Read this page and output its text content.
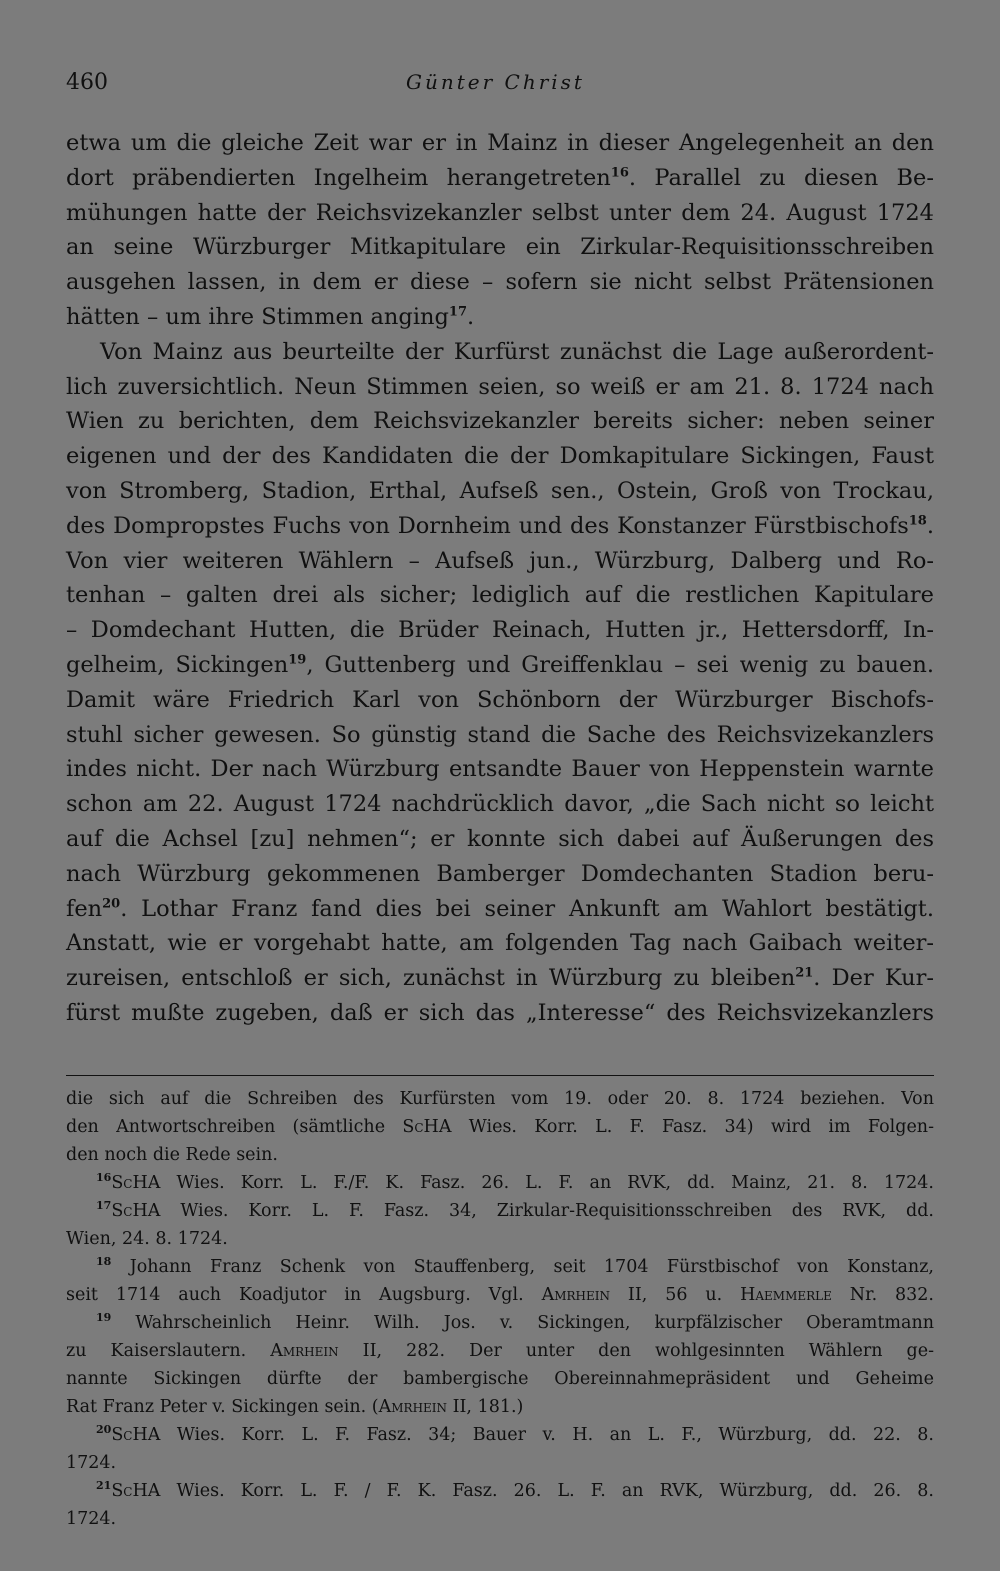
460	Günter Christ
etwa um die gleiche Zeit war er in Mainz in dieser Angelegenheit an den
dort präbendierten Ingelheim herangetreten$^{16}$. Parallel zu diesen Be-
mühungen hatte der Reichsvizekanzler selbst unter dem 24. August 1724
an seine Würzburger Mitkapitulare ein Zirkular-Requisitionsschreiben
ausgehen lassen, in dem er diese – sofern sie nicht selbst Prätensionen
hätten – um ihre Stimmen anging$^{17}$.
Von Mainz aus beurteilte der Kurfürst zunächst die Lage außerordent-
lich zuversichtlich. Neun Stimmen seien, so weiß er am 21. 8. 1724 nach
Wien zu berichten, dem Reichsvizekanzler bereits sicher: neben seiner
eigenen und der des Kandidaten die der Domkapitulare Sickingen, Faust
von Stromberg, Stadion, Erthal, Aufseß sen., Ostein, Groß von Trockau,
des Dompropstes Fuchs von Dornheim und des Konstanzer Fürstbischofs$^{18}$.
Von vier weiteren Wählern – Aufseß jun., Würzburg, Dalberg und Ro-
tenhan – galten drei als sicher; lediglich auf die restlichen Kapitulare
– Domdechant Hutten, die Brüder Reinach, Hutten jr., Hettersdorff, In-
gelheim, Sickingen$^{19}$, Guttenberg und Greiffenklau – sei wenig zu bauen.
Damit wäre Friedrich Karl von Schönborn der Würzburger Bischofs-
stuhl sicher gewesen. So günstig stand die Sache des Reichsvizekanzlers
indes nicht. Der nach Würzburg entsandte Bauer von Heppenstein warnte
schon am 22. August 1724 nachdrücklich davor, „die Sach nicht so leicht
auf die Achsel [zu] nehmen“; er konnte sich dabei auf Äußerungen des
nach Würzburg gekommenen Bamberger Domdechanten Stadion beru-
fen$^{20}$. Lothar Franz fand dies bei seiner Ankunft am Wahlort bestätigt.
Anstatt, wie er vorgehabt hatte, am folgenden Tag nach Gaibach weiter-
zureisen, entschloß er sich, zunächst in Würzburg zu bleiben$^{21}$. Der Kur-
fürst mußte zugeben, daß er sich das „Interesse“ des Reichsvizekanzlers
die sich auf die Schreiben des Kurfürsten vom 19. oder 20. 8. 1724 beziehen. Von
den Antwortschreiben (sämtliche ScHA Wies. Korr. L. F. Fasz. 34) wird im Folgen-
den noch die Rede sein.
$^{16}$ScHA Wies. Korr. L. F./F. K. Fasz. 26. L. F. an RVK, dd. Mainz, 21. 8. 1724.
$^{17}$ScHA Wies. Korr. L. F. Fasz. 34, Zirkular-Requisitionsschreiben des RVK, dd.
Wien, 24. 8. 1724.
$^{18}$ Johann Franz Schenk von Stauffenberg, seit 1704 Fürstbischof von Konstanz,
seit 1714 auch Koadjutor in Augsburg. Vgl. Amrhein II, 56 u. Haemmerle Nr. 832.
$^{19}$ Wahrscheinlich Heinr. Wilh. Jos. v. Sickingen, kurpfälzischer Oberamtmann
zu Kaiserslautern. Amrhein II, 282. Der unter den wohlgesinnten Wählern ge-
nannte Sickingen dürfte der bambergische Obereinnahmepräsident und Geheime
Rat Franz Peter v. Sickingen sein. (Amrhein II, 181.)
$^{20}$ScHA Wies. Korr. L. F. Fasz. 34; Bauer v. H. an L. F., Würzburg, dd. 22. 8.
1724.
$^{21}$ScHA Wies. Korr. L. F. / F. K. Fasz. 26. L. F. an RVK, Würzburg, dd. 26. 8.
1724.
